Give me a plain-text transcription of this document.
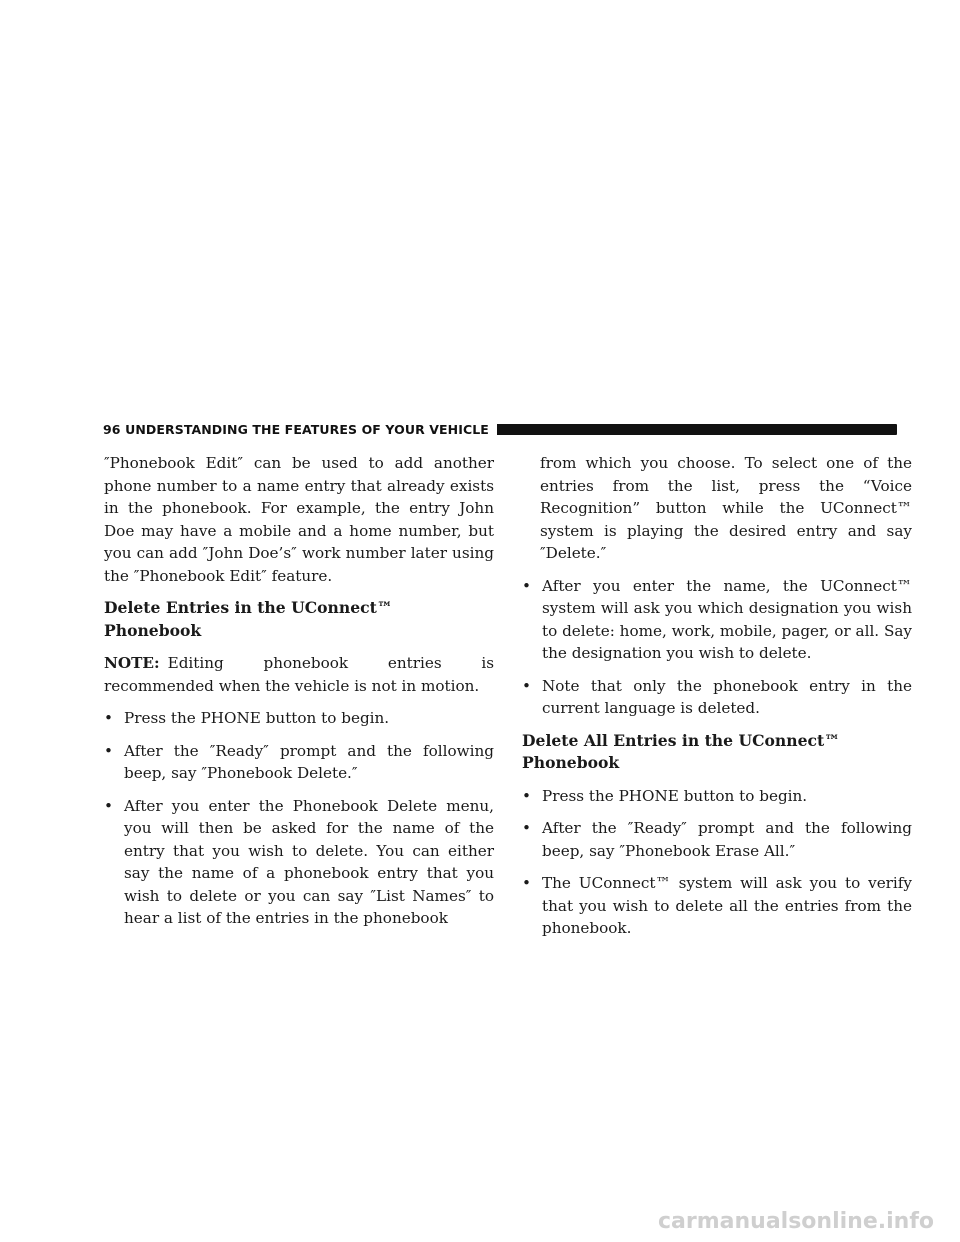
96 UNDERSTANDING THE FEATURES OF YOUR VEHICLE

″Phonebook Edit″ can be used to add another phone number to a name entry that already exists in the phonebook. For example, the entry John Doe may have a mobile and a home number, but you can add ″John Doe’s″ work number later using the ″Phonebook Edit″ feature.

Delete Entries in the UConnect™ Phonebook

NOTE: Editing phonebook entries is recommended when the vehicle is not in motion.

• Press the PHONE button to begin.
• After the ″Ready″ prompt and the following beep, say ″Phonebook Delete.″
• After you enter the Phonebook Delete menu, you will then be asked for the name of the entry that you wish to delete. You can either say the name of a phonebook entry that you wish to delete or you can say ″List Names″ to hear a list of the entries in the phonebook

from which you choose. To select one of the entries from the list, press the “Voice Recognition” button while the UConnect™ system is playing the desired entry and say ″Delete.″

• After you enter the name, the UConnect™ system will ask you which designation you wish to delete: home, work, mobile, pager, or all. Say the designation you wish to delete.
• Note that only the phonebook entry in the current language is deleted.
Delete All Entries in the UConnect™ Phonebook
• Press the PHONE button to begin.
• After the ″Ready″ prompt and the following beep, say ″Phonebook Erase All.″
• The UConnect™ system will ask you to verify that you wish to delete all the entries from the phonebook.
carmanualsonline.info
